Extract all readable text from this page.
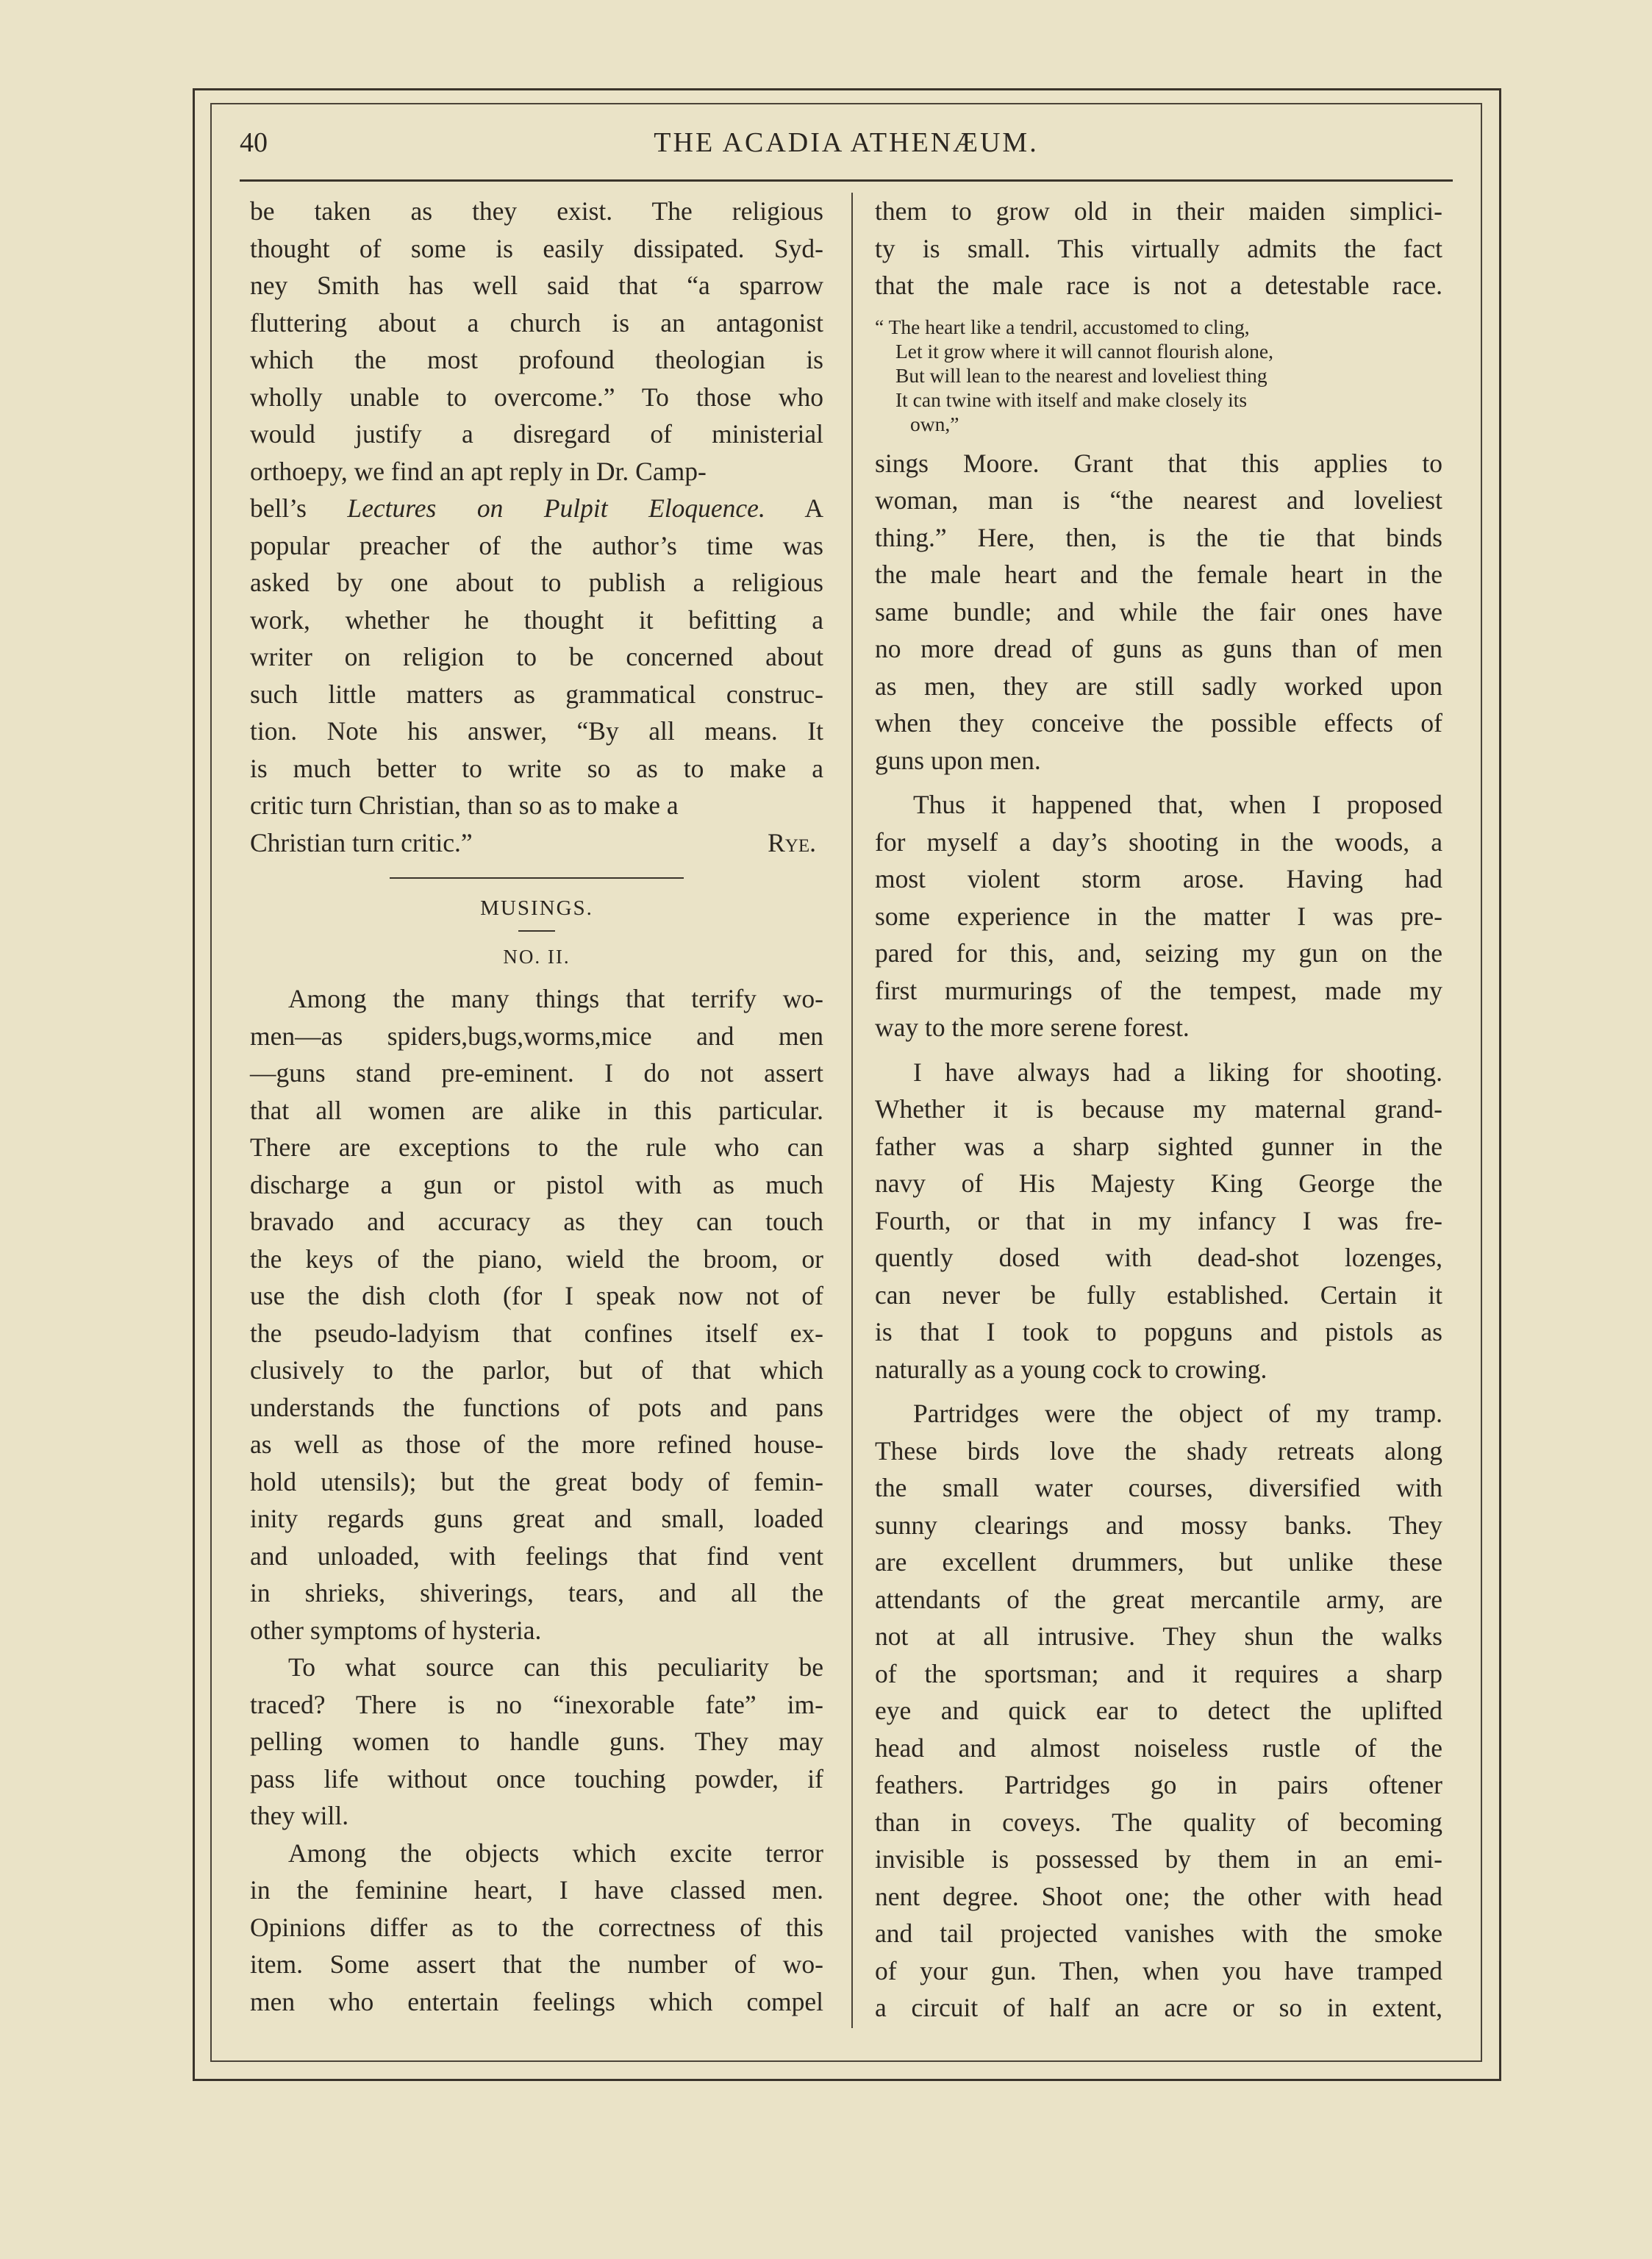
40	THE ACADIA ATHENÆUM.

be taken as they exist. The religious
thought of some is easily dissipated. Syd-
ney Smith has well said that “a sparrow
fluttering about a church is an antagonist
which the most profound theologian is
wholly unable to overcome.” To those who
would justify a disregard of ministerial
orthoepy, we find an apt reply in Dr. Camp-
bell’s Lectures on Pulpit Eloquence. A
popular preacher of the author’s time was
asked by one about to publish a religious
work, whether he thought it befitting a
writer on religion to be concerned about
such little matters as grammatical construc-
tion. Note his answer, “By all means. It
is much better to write so as to make a
critic turn Christian, than so as to make a
Christian turn critic.”	Rye.
MUSINGS.
NO. II.
Among the many things that terrify wo-
men—as spiders,bugs,worms,mice and men
—guns stand pre-eminent. I do not assert
that all women are alike in this particular.
There are exceptions to the rule who can
discharge a gun or pistol with as much
bravado and accuracy as they can touch
the keys of the piano, wield the broom, or
use the dish cloth (for I speak now not of
the pseudo-ladyism that confines itself ex-
clusively to the parlor, but of that which
understands the functions of pots and pans
as well as those of the more refined house-
hold utensils); but the great body of femin-
inity regards guns great and small, loaded
and unloaded, with feelings that find vent
in shrieks, shiverings, tears, and all the
other symptoms of hysteria.
To what source can this peculiarity be
traced? There is no “inexorable fate” im-
pelling women to handle guns. They may
pass life without once touching powder, if
they will.
Among the objects which excite terror
in the feminine heart, I have classed men.
Opinions differ as to the correctness of this
item. Some assert that the number of wo-
men who entertain feelings which compel
them to grow old in their maiden simplici-
ty is small. This virtually admits the fact
that the male race is not a detestable race.
“ The heart like a tendril, accustomed to cling,
Let it grow where it will cannot flourish alone,
But will lean to the nearest and loveliest thing
It can twine with itself and make closely its
own,”
sings Moore. Grant that this applies to
woman, man is “the nearest and loveliest
thing.” Here, then, is the tie that binds
the male heart and the female heart in the
same bundle; and while the fair ones have
no more dread of guns as guns than of men
as men, they are still sadly worked upon
when they conceive the possible effects of
guns upon men.
Thus it happened that, when I proposed
for myself a day’s shooting in the woods, a
most violent storm arose. Having had
some experience in the matter I was pre-
pared for this, and, seizing my gun on the
first murmurings of the tempest, made my
way to the more serene forest.
I have always had a liking for shooting.
Whether it is because my maternal grand-
father was a sharp sighted gunner in the
navy of His Majesty King George the
Fourth, or that in my infancy I was fre-
quently dosed with dead-shot lozenges,
can never be fully established. Certain it
is that I took to popguns and pistols as
naturally as a young cock to crowing.
Partridges were the object of my tramp.
These birds love the shady retreats along
the small water courses, diversified with
sunny clearings and mossy banks. They
are excellent drummers, but unlike these
attendants of the great mercantile army, are
not at all intrusive. They shun the walks
of the sportsman; and it requires a sharp
eye and quick ear to detect the uplifted
head and almost noiseless rustle of the
feathers. Partridges go in pairs oftener
than in coveys. The quality of becoming
invisible is possessed by them in an emi-
nent degree. Shoot one; the other with head
and tail projected vanishes with the smoke
of your gun. Then, when you have tramped
a circuit of half an acre or so in extent,
